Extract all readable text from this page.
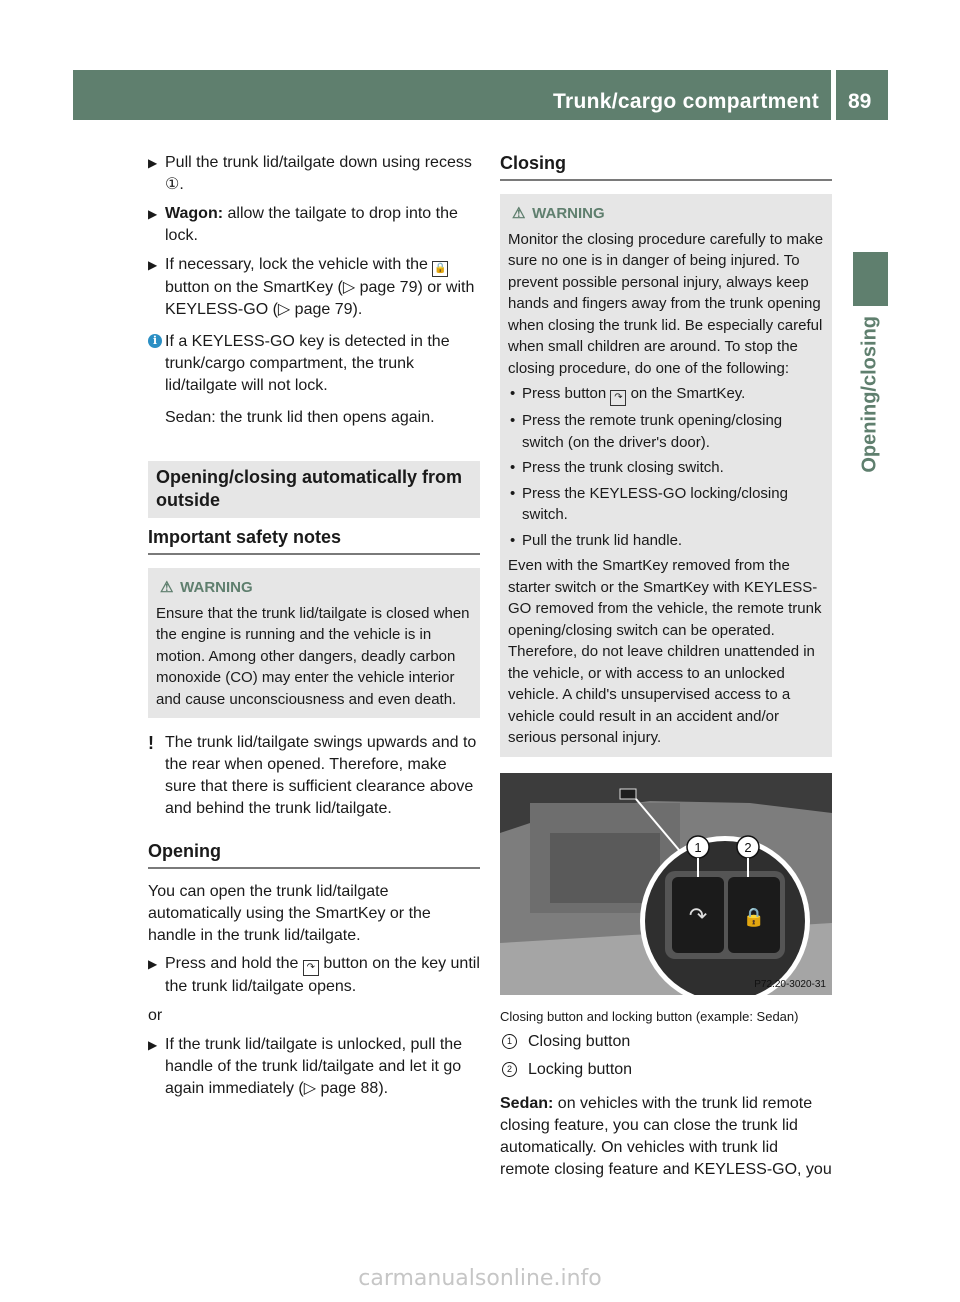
Trunk/cargo compartment 89
Opening/closing
▶ Pull the trunk lid/tailgate down using recess ①.
▶ Wagon: allow the tailgate to drop into the lock.
▶ If necessary, lock the vehicle with the 🔒 button on the SmartKey (▷ page 79) or with KEYLESS-GO (▷ page 79).
i If a KEYLESS-GO key is detected in the trunk/cargo compartment, the trunk lid/tailgate will not lock.
Sedan: the trunk lid then opens again.
Opening/closing automatically from outside
Important safety notes
⚠ WARNING
Ensure that the trunk lid/tailgate is closed when the engine is running and the vehicle is in motion. Among other dangers, deadly carbon monoxide (CO) may enter the vehicle interior and cause unconsciousness and even death.
! The trunk lid/tailgate swings upwards and to the rear when opened. Therefore, make sure that there is sufficient clearance above and behind the trunk lid/tailgate.
Opening
You can open the trunk lid/tailgate automatically using the SmartKey or the handle in the trunk lid/tailgate.
▶ Press and hold the ↷ button on the key until the trunk lid/tailgate opens.
or
▶ If the trunk lid/tailgate is unlocked, pull the handle of the trunk lid/tailgate and let it go again immediately (▷ page 88).
Closing
⚠ WARNING
Monitor the closing procedure carefully to make sure no one is in danger of being injured. To prevent possible personal injury, always keep hands and fingers away from the trunk opening when closing the trunk lid. Be especially careful when small children are around. To stop the closing procedure, do one of the following:
• Press button ↷ on the SmartKey.
• Press the remote trunk opening/closing switch (on the driver's door).
• Press the trunk closing switch.
• Press the KEYLESS-GO locking/closing switch.
• Pull the trunk lid handle.
Even with the SmartKey removed from the starter switch or the SmartKey with KEYLESS-GO removed from the vehicle, the remote trunk opening/closing switch can be operated. Therefore, do not leave children unattended in the vehicle, or with access to an unlocked vehicle. A child's unsupervised access to a vehicle could result in an accident and/or serious personal injury.
↷ 🔒
1	2
P72.20-3020-31
Closing button and locking button (example: Sedan)
1	Closing button
2	Locking button
Sedan: on vehicles with the trunk lid remote closing feature, you can close the trunk lid automatically. On vehicles with trunk lid remote closing feature and KEYLESS-GO, you
carmanualsonline.info
